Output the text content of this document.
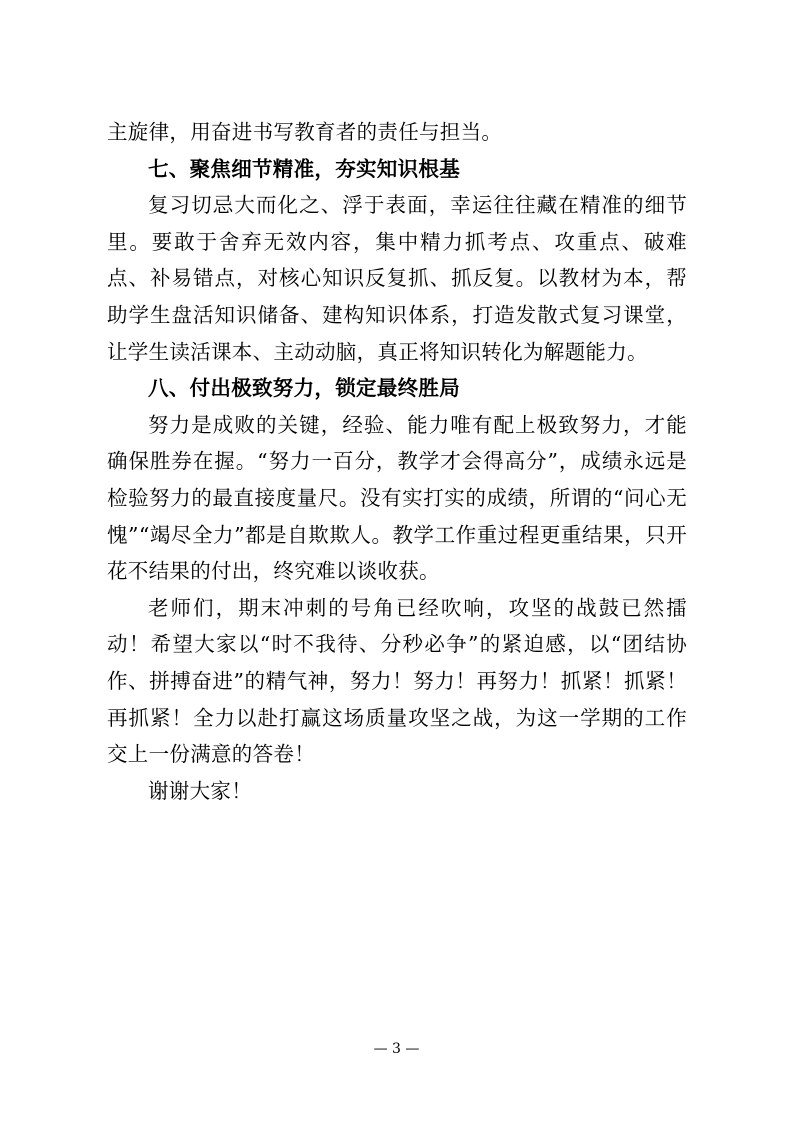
主旋律，用奋进书写教育者的责任与担当。

七、聚焦细节精准，夯实知识根基

复习切忌大而化之、浮于表面，幸运往往藏在精准的细节里。要敢于舍弃无效内容，集中精力抓考点、攻重点、破难点、补易错点，对核心知识反复抓、抓反复。以教材为本，帮助学生盘活知识储备、建构知识体系，打造发散式复习课堂，让学生读活课本、主动动脑，真正将知识转化为解题能力。

八、付出极致努力，锁定最终胜局

努力是成败的关键，经验、能力唯有配上极致努力，才能确保胜券在握。“努力一百分，教学才会得高分”，成绩永远是检验努力的最直接度量尺。没有实打实的成绩，所谓的“问心无愧”“竭尽全力”都是自欺欺人。教学工作重过程更重结果，只开花不结果的付出，终究难以谈收获。

老师们，期末冲刺的号角已经吹响，攻坚的战鼓已然擂动！希望大家以“时不我待、分秒必争”的紧迫感，以“团结协作、拼搏奋进”的精气神，努力！努力！再努力！抓紧！抓紧！再抓紧！全力以赴打赢这场质量攻坚之战，为这一学期的工作交上一份满意的答卷！

谢谢大家！

— 3 —
